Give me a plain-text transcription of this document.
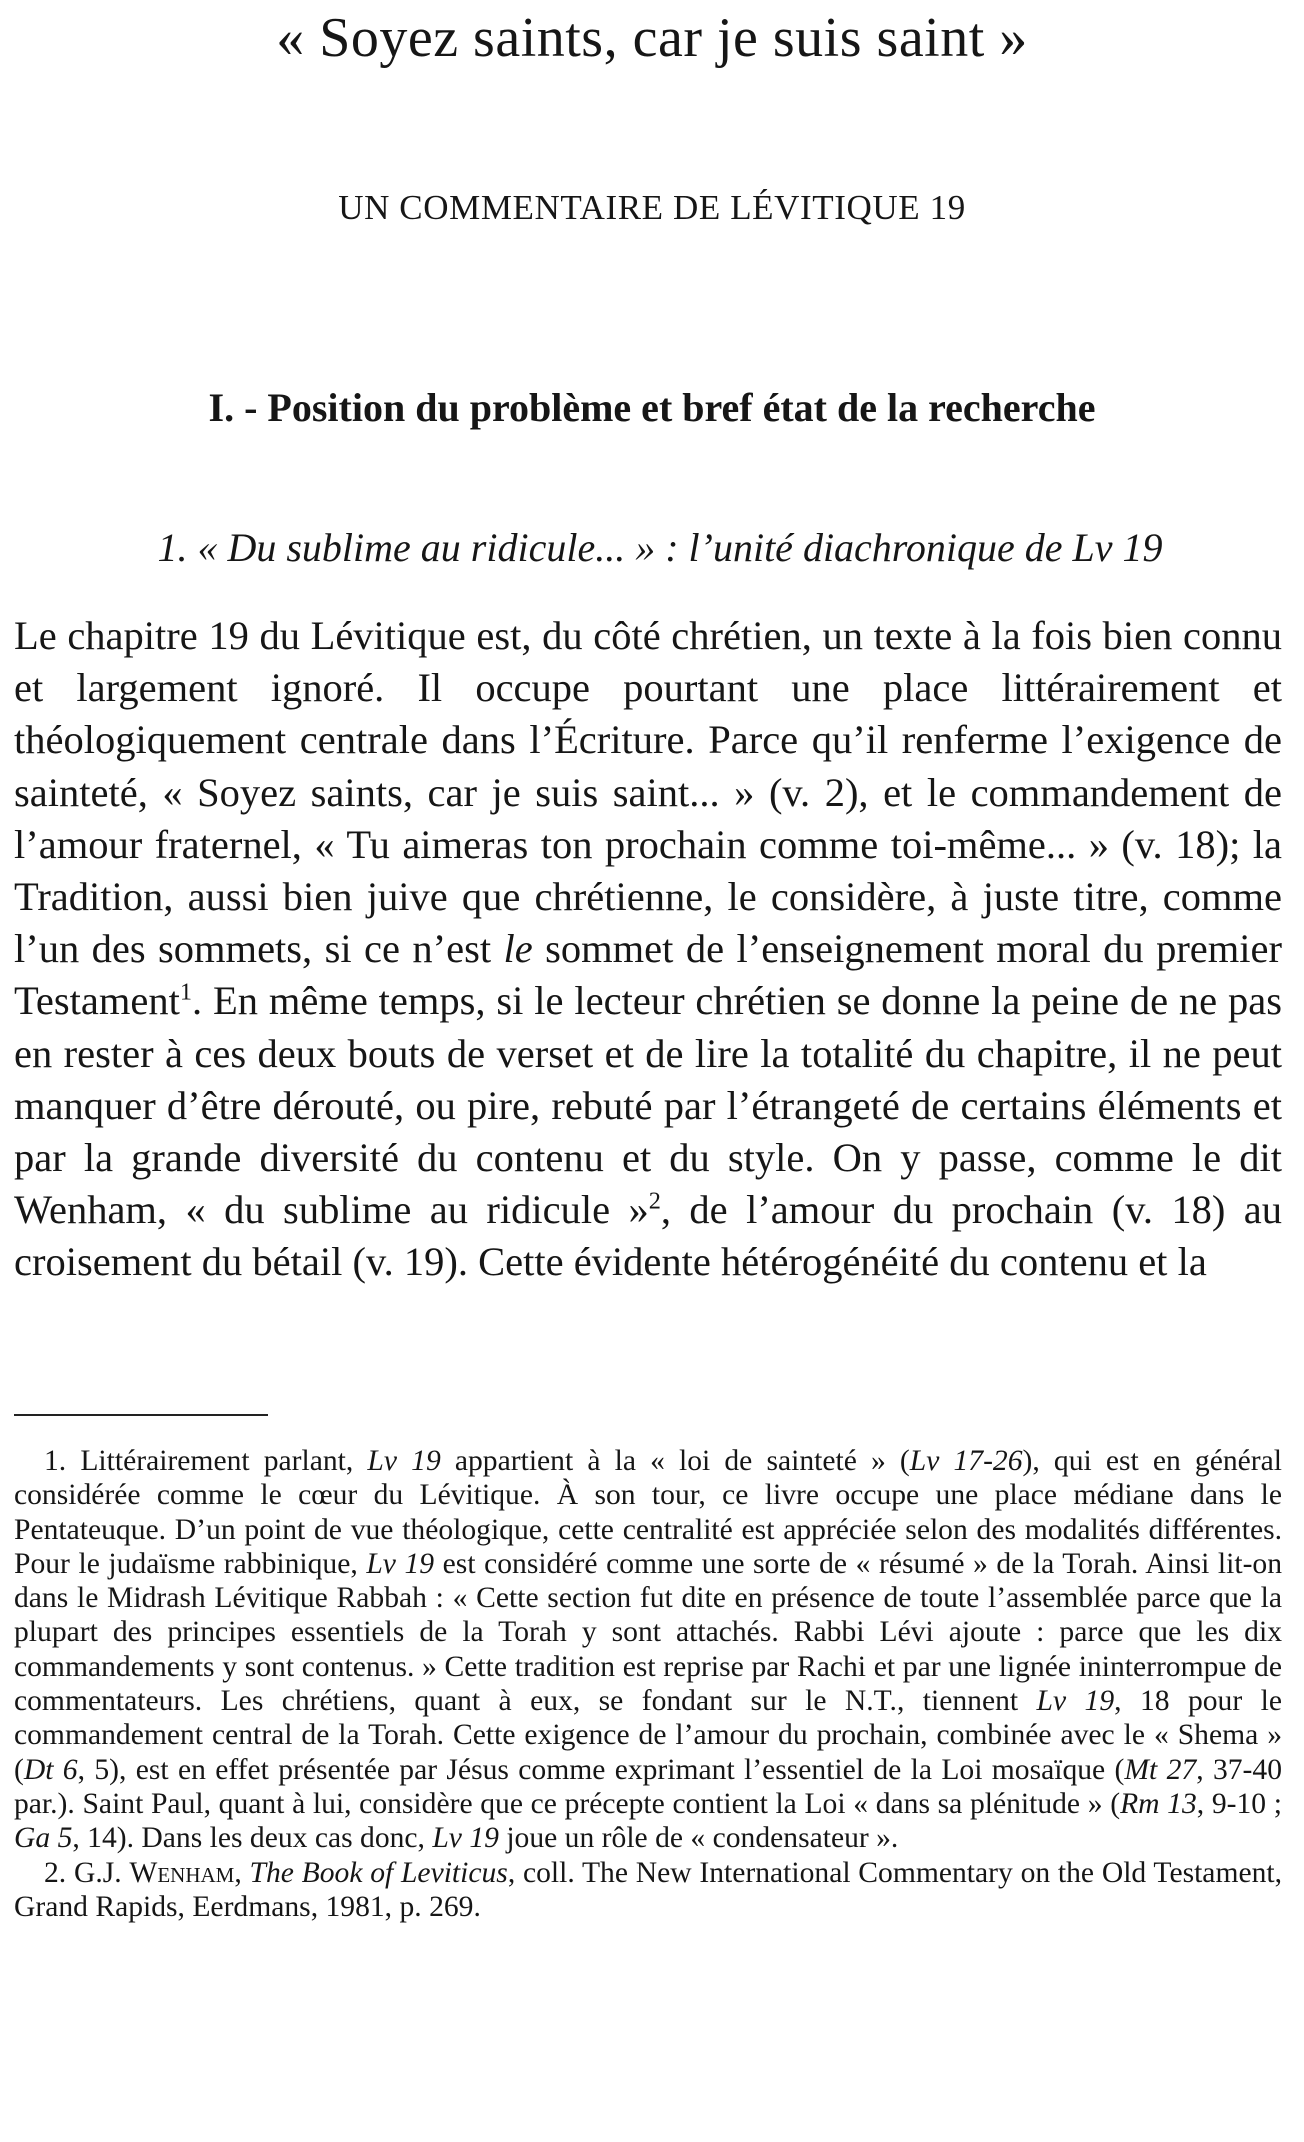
« Soyez saints, car je suis saint »
UN COMMENTAIRE DE LÉVITIQUE 19
I. - Position du problème et bref état de la recherche
1. « Du sublime au ridicule... » : l’unité diachronique de Lv 19

Le chapitre 19 du Lévitique est, du côté chrétien, un texte à la fois bien connu et largement ignoré. Il occupe pourtant une place littérairement et théologiquement centrale dans l’Écriture. Parce qu’il renferme l’exigence de sainteté, « Soyez saints, car je suis saint... » (v. 2), et le commandement de l’amour fraternel, « Tu aimeras ton prochain comme toi-même... » (v. 18); la Tradition, aussi bien juive que chrétienne, le considère, à juste titre, comme l’un des sommets, si ce n’est le sommet de l’enseignement moral du premier Testament$^1$. En même temps, si le lecteur chrétien se donne la peine de ne pas en rester à ces deux bouts de verset et de lire la totalité du chapitre, il ne peut manquer d’être dérouté, ou pire, rebuté par l’étrangeté de certains éléments et par la grande diversité du contenu et du style. On y passe, comme le dit Wenham, « du sublime au ridicule »$^2$, de l’amour du prochain (v. 18) au croisement du bétail (v. 19). Cette évidente hétérogénéité du contenu et la

1. Littérairement parlant, Lv 19 appartient à la « loi de sainteté » (Lv 17-26), qui est en général considérée comme le cœur du Lévitique. À son tour, ce livre occupe une place médiane dans le Pentateuque. D’un point de vue théologique, cette centralité est appréciée selon des modalités différentes. Pour le judaïsme rabbinique, Lv 19 est considéré comme une sorte de « résumé » de la Torah. Ainsi lit-on dans le Midrash Lévitique Rabbah : « Cette section fut dite en présence de toute l’assemblée parce que la plupart des principes essentiels de la Torah y sont attachés. Rabbi Lévi ajoute : parce que les dix commandements y sont contenus. » Cette tradition est reprise par Rachi et par une lignée ininterrompue de commentateurs. Les chrétiens, quant à eux, se fondant sur le N.T., tiennent Lv 19, 18 pour le commandement central de la Torah. Cette exigence de l’amour du prochain, combinée avec le « Shema » (Dt 6, 5), est en effet présentée par Jésus comme exprimant l’essentiel de la Loi mosaïque (Mt 27, 37-40 par.). Saint Paul, quant à lui, considère que ce précepte contient la Loi « dans sa plénitude » (Rm 13, 9-10 ; Ga 5, 14). Dans les deux cas donc, Lv 19 joue un rôle de « condensateur ».

2. G.J. Wenham, The Book of Leviticus, coll. The New International Commentary on the Old Testament, Grand Rapids, Eerdmans, 1981, p. 269.
